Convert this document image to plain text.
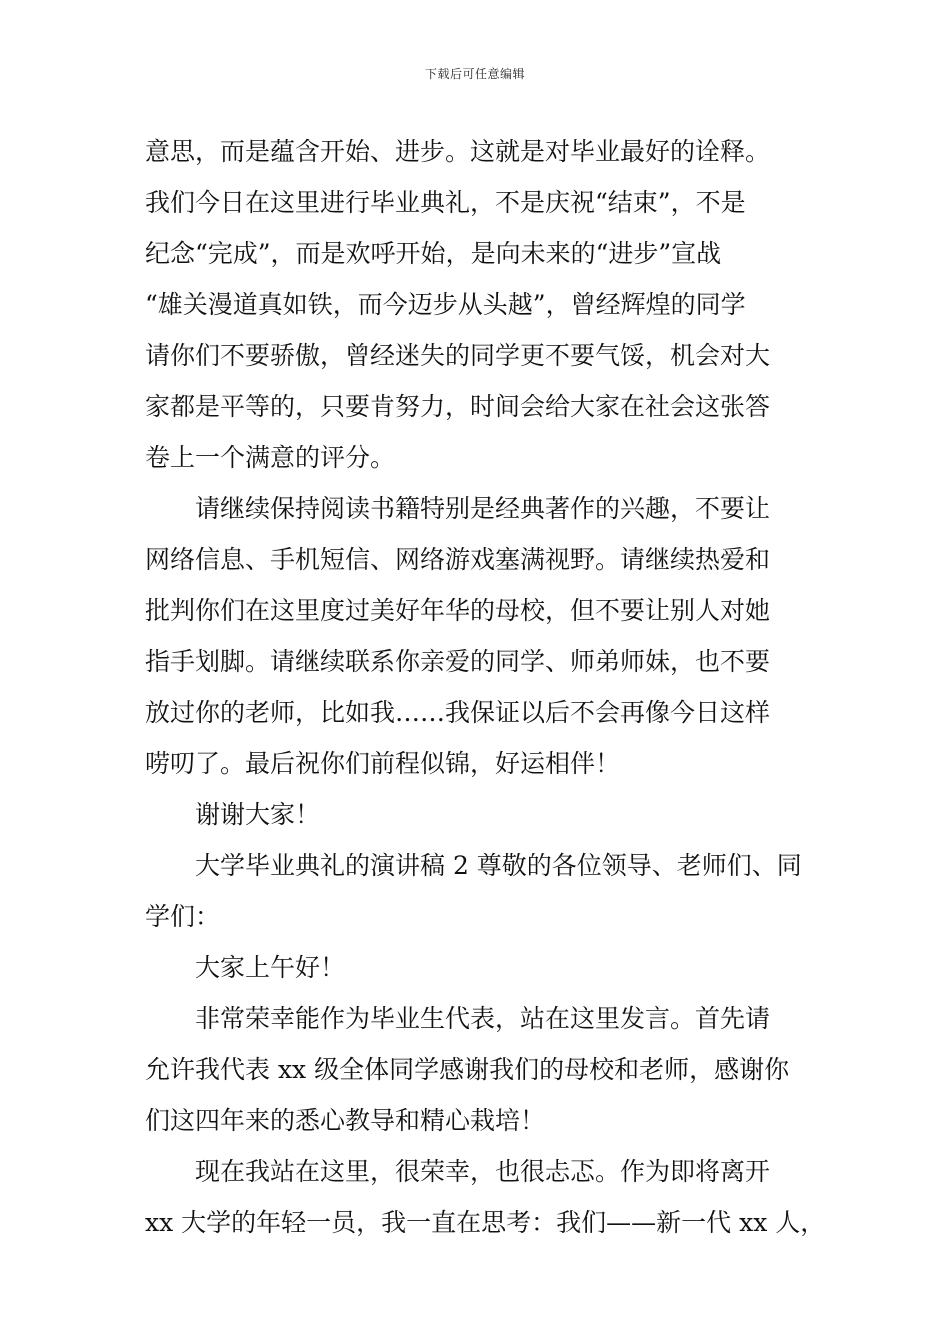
下载后可任意编辑
意思，而是蕴含开始、进步。这就是对毕业最好的诠释。
我们今日在这里进行毕业典礼，不是庆祝“结束”，不是
纪念“完成”，而是欢呼开始，是向未来的“进步”宣战
“雄关漫道真如铁，而今迈步从头越”，曾经辉煌的同学
请你们不要骄傲，曾经迷失的同学更不要气馁，机会对大
家都是平等的，只要肯努力，时间会给大家在社会这张答
卷上一个满意的评分。
请继续保持阅读书籍特别是经典著作的兴趣，不要让
网络信息、手机短信、网络游戏塞满视野。请继续热爱和
批判你们在这里度过美好年华的母校，但不要让别人对她
指手划脚。请继续联系你亲爱的同学、师弟师妹，也不要
放过你的老师，比如我……我保证以后不会再像今日这样
唠叨了。最后祝你们前程似锦，好运相伴！
谢谢大家！
大学毕业典礼的演讲稿 2 尊敬的各位领导、老师们、同
学们：
大家上午好！
非常荣幸能作为毕业生代表，站在这里发言。首先请
允许我代表 xx 级全体同学感谢我们的母校和老师，感谢你
们这四年来的悉心教导和精心栽培！
现在我站在这里，很荣幸，也很忐忑。作为即将离开
xx 大学的年轻一员，我一直在思考：我们——新一代 xx 人，
